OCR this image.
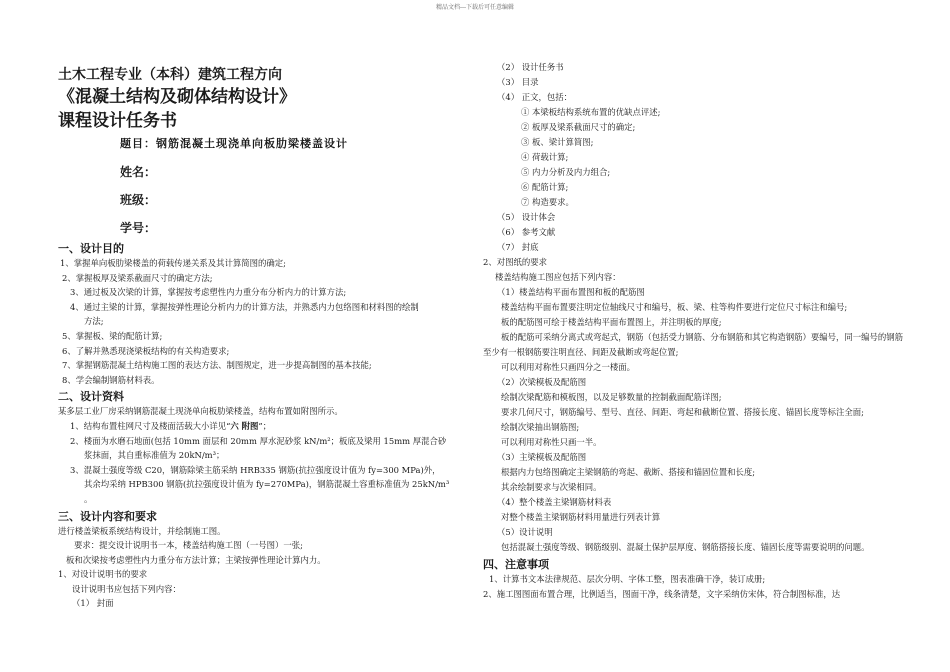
精品文档---下载后可任意编辑
土木工程专业（本科）建筑工程方向
《混凝土结构及砌体结构设计》
课程设计任务书
题目：钢筋混凝土现浇单向板肋梁楼盖设计
姓名：
班级：
学号：
一、设计目的
1、掌握单向板肋梁楼盖的荷载传递关系及其计算简图的确定;
2、掌握板厚及梁系截面尺寸的确定方法;
3、通过板及次梁的计算，掌握按考虑塑性内力重分布分析内力的计算方法;
4、通过主梁的计算，掌握按弹性理论分析内力的计算方法，并熟悉内力包络图和材料图的绘制
方法;
5、掌握板、梁的配筋计算;
6、了解并熟悉现浇梁板结构的有关构造要求;
7、掌握钢筋混凝土结构施工图的表达方法、制图规定，进一步提高制图的基本技能;
8、学会编制钢筋材料表。
二、设计资料
某多层工业厂房采纳钢筋混凝土现浇单向板肋梁楼盖，结构布置如附图所示。
1、结构布置柱网尺寸及楼面活载大小详见“六 附图”；
2、楼面为水磨石地面(包括 10mm 面层和 20mm 厚水泥砂浆 kN/m²；板底及梁用 15mm 厚混合砂
浆抹面，其自重标准值为 20kN/m³；
3、混凝土强度等级 C20，钢筋除梁主筋采纳 HRB335 钢筋(抗拉强度设计值为 fy=300 MPa)外，
其余均采纳 HPB300 钢筋(抗拉强度设计值为 fy=270MPa)，钢筋混凝土容重标准值为 25kN/m³
。
三、设计内容和要求
进行楼盖梁板系统结构设计，并绘制施工图。
要求：提交设计说明书一本，楼盖结构施工图（一号图）一张;
板和次梁按考虑塑性内力重分布方法计算；主梁按弹性理论计算内力。
1、对设计说明书的要求
设计说明书应包括下列内容：
（1） 封面
（2） 设计任务书
（3） 目录
（4） 正文，包括：
① 本梁板结构系统布置的优缺点评述;
② 板厚及梁系截面尺寸的确定;
③ 板、梁计算简图;
④ 荷载计算;
⑤ 内力分析及内力组合;
⑥ 配筋计算;
⑦ 构造要求。
（5） 设计体会
（6） 参考文献
（7） 封底
2、对图纸的要求
楼盖结构施工图应包括下列内容：
（1）楼盖结构平面布置图和板的配筋图
楼盖结构平面布置要注明定位轴线尺寸和编号，板、梁、柱等构件要进行定位尺寸标注和编号;
板的配筋图可绘于楼盖结构平面布置图上，并注明板的厚度;
板的配筋可采纳分离式或弯起式，钢筋（包括受力钢筋、分布钢筋和其它构造钢筋）要编号，同一编号的钢筋至少有一根钢筋要注明直径、间距及截断或弯起位置;
可以利用对称性只画四分之一楼面。
（2）次梁模板及配筋图
绘制次梁配筋和模板图，以及足够数量的控制截面配筋详图;
要求几何尺寸，钢筋编号、型号、直径、间距、弯起和截断位置、搭接长度、锚固长度等标注全面;
绘制次梁抽出钢筋图;
可以利用对称性只画一半。
（3）主梁模板及配筋图
根据内力包络图确定主梁钢筋的弯起、截断、搭接和锚固位置和长度;
其余绘制要求与次梁相同。
（4）整个楼盖主梁钢筋材料表
对整个楼盖主梁钢筋材料用量进行列表计算
（5）设计说明
包括混凝土强度等级、钢筋级别、混凝土保护层厚度、钢筋搭接长度、锚固长度等需要说明的问题。
四、注意事项
1、计算书文本法律规范、层次分明、字体工整，图表准确干净，装订成册;
2、施工图图面布置合理，比例适当，图面干净，线条清楚，文字采纳仿宋体，符合制图标准，达
